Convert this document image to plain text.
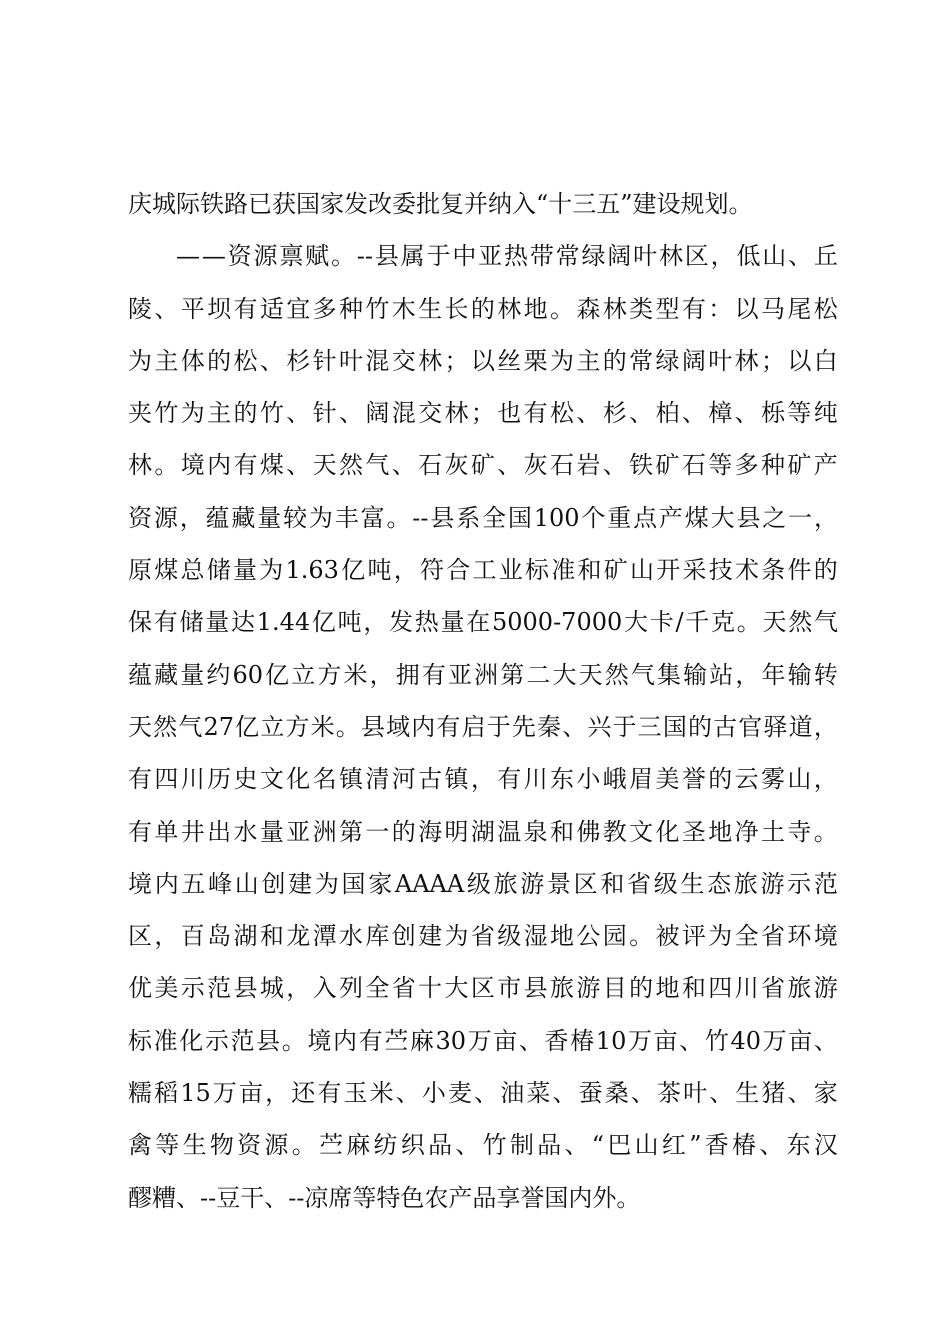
庆城际铁路已获国家发改委批复并纳入“十三五”建设规划。
— — 资 源 禀 赋 。 -- 县 属 于 中 亚 热 带 常 绿 阔 叶 林 区 ， 低 山 、 丘
陵 、 平 坝 有 适 宜 多 种 竹 木 生 长 的 林 地 。 森 林 类 型 有 ： 以 马 尾 松
为 主 体 的 松 、 杉 针 叶 混 交 林 ； 以 丝 栗 为 主 的 常 绿 阔 叶 林 ； 以 白
夹 竹 为 主 的 竹 、 针 、 阔 混 交 林 ； 也 有 松 、 杉 、 柏 、 樟 、 栎 等 纯
林 。 境 内 有 煤 、 天 然 气 、 石 灰 矿 、 灰 石 岩 、 铁 矿 石 等 多 种 矿 产
资 源 ， 蕴 藏 量 较 为 丰 富 。 -- 县 系 全 国 100 个 重 点 产 煤 大 县 之 一 ，
原 煤 总 储 量 为 1.63 亿 吨 ， 符 合 工 业 标 准 和 矿 山 开 采 技 术 条 件 的
保 有 储 量 达 1.44 亿 吨 ， 发 热 量 在 5000-7000 大 卡 / 千 克 。 天 然 气
蕴 藏 量 约 60 亿 立 方 米 ， 拥 有 亚 洲 第 二 大 天 然 气 集 输 站 ， 年 输 转
天 然 气 27 亿 立 方 米 。 县 域 内 有 启 于 先 秦 、 兴 于 三 国 的 古 官 驿 道 ，
有 四 川 历 史 文 化 名 镇 清 河 古 镇 ， 有 川 东 小 峨 眉 美 誉 的 云 雾 山 ，
有 单 井 出 水 量 亚 洲 第 一 的 海 明 湖 温 泉 和 佛 教 文 化 圣 地 净 土 寺 。
境 内 五 峰 山 创 建 为 国 家 AAAA 级 旅 游 景 区 和 省 级 生 态 旅 游 示 范
区 ， 百 岛 湖 和 龙 潭 水 库 创 建 为 省 级 湿 地 公 园 。 被 评 为 全 省 环 境
优 美 示 范 县 城 ， 入 列 全 省 十 大 区 市 县 旅 游 目 的 地 和 四 川 省 旅 游
标 准 化 示 范 县 。 境 内 有 苎 麻 30 万 亩 、 香 椿 10 万 亩 、 竹 40 万 亩 、
糯 稻 15 万 亩 ， 还 有 玉 米 、 小 麦 、 油 菜 、 蚕 桑 、 茶 叶 、 生 猪 、 家
禽 等 生 物 资 源 。 苎 麻 纺 织 品 、 竹 制 品 、 “ 巴 山 红 ” 香 椿 、 东 汉
醪糟、--豆干、--凉席等特色农产品享誉国内外。
